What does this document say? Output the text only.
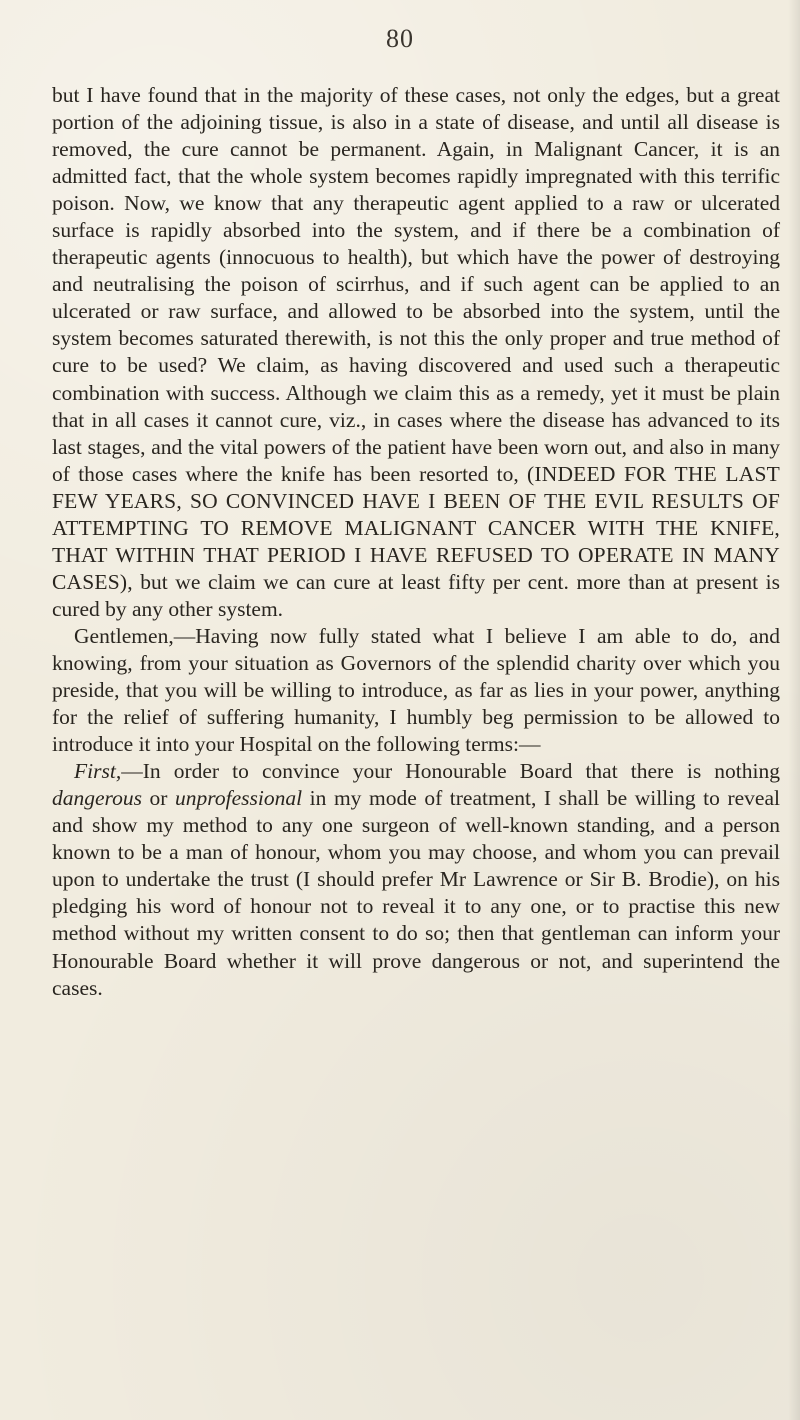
80

but I have found that in the majority of these cases, not only the edges, but a great portion of the adjoining tissue, is also in a state of disease, and until all disease is removed, the cure cannot be permanent. Again, in Malignant Cancer, it is an admitted fact, that the whole system becomes rapidly impregnated with this terrific poison. Now, we know that any therapeutic agent applied to a raw or ulcerated surface is rapidly absorbed into the system, and if there be a combination of therapeutic agents (innocuous to health), but which have the power of destroying and neutralising the poison of scirrhus, and if such agent can be applied to an ulcerated or raw surface, and allowed to be absorbed into the system, until the system becomes saturated therewith, is not this the only proper and true method of cure to be used? We claim, as having discovered and used such a therapeutic combination with success. Although we claim this as a remedy, yet it must be plain that in all cases it cannot cure, viz., in cases where the disease has advanced to its last stages, and the vital powers of the patient have been worn out, and also in many of those cases where the knife has been resorted to, (INDEED FOR THE LAST FEW YEARS, SO CONVINCED HAVE I BEEN OF THE EVIL RESULTS OF ATTEMPTING TO REMOVE MALIGNANT CANCER WITH THE KNIFE, THAT WITHIN THAT PERIOD I HAVE REFUSED TO OPERATE IN MANY CASES), but we claim we can cure at least fifty per cent. more than at present is cured by any other system.

Gentlemen,—Having now fully stated what I believe I am able to do, and knowing, from your situation as Governors of the splendid charity over which you preside, that you will be willing to introduce, as far as lies in your power, anything for the relief of suffering humanity, I humbly beg permission to be allowed to introduce it into your Hospital on the following terms:—

First,—In order to convince your Honourable Board that there is nothing dangerous or unprofessional in my mode of treatment, I shall be willing to reveal and show my method to any one surgeon of well-known standing, and a person known to be a man of honour, whom you may choose, and whom you can prevail upon to undertake the trust (I should prefer Mr Lawrence or Sir B. Brodie), on his pledging his word of honour not to reveal it to any one, or to practise this new method without my written consent to do so; then that gentleman can inform your Honourable Board whether it will prove dangerous or not, and superintend the cases.
